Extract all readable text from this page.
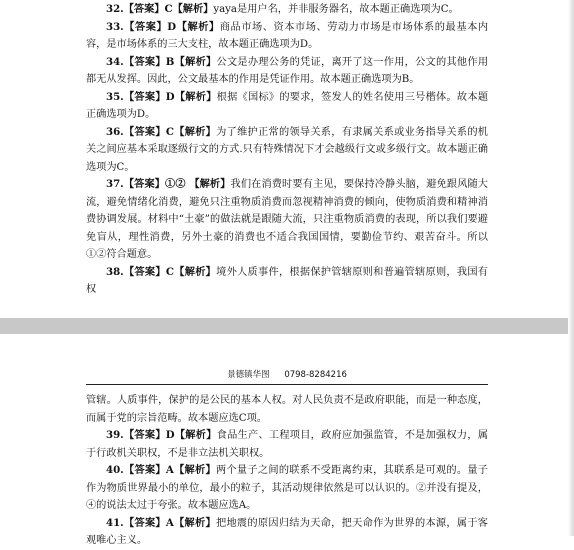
32.【答案】C【解析】yaya是用户名，并非服务器名，故本题正确选项为C。

33.【答案】D【解析】商品市场、资本市场、劳动力市场是市场体系的最基本内容，是市场体系的三大支柱，故本题正确选项为D。

34.【答案】B【解析】公文是办理公务的凭证，离开了这一作用，公文的其他作用都无从发挥。因此，公文最基本的作用是凭证作用。故本题正确选项为B。

35.【答案】D【解析】根据《国标》的要求，签发人的姓名使用三号楷体。故本题正确选项为D。

36.【答案】C【解析】为了维护正常的领导关系，有隶属关系或业务指导关系的机关之间应基本采取逐级行文的方式.只有特殊情况下才会越级行文或多级行文。故本题正确选项为C。

37.【答案】①② 【解析】我们在消费时要有主见，要保持冷静头脑，避免跟风随大流，避免情绪化消费，避免只注重物质消费而忽视精神消费的倾向，使物质消费和精神消费协调发展。材料中“土豪”的做法就是跟随大流，只注重物质消费的表现，所以我们要避免盲从，理性消费，另外土豪的消费也不适合我国国情，要勤俭节约、艰苦奋斗。所以①②符合题意。

38.【答案】C【解析】境外人质事件，根据保护管辖原则和普遍管辖原则，我国有权

景德镇华图 0798-8284216

管辖。人质事件，保护的是公民的基本人权。对人民负责不是政府职能，而是一种态度，而属于党的宗旨范畴。故本题应选C项。

39.【答案】D【解析】食品生产、工程项目，政府应加强监管，不是加强权力，属于行政机关职权，不是非立法机关职权。

40.【答案】A【解析】两个量子之间的联系不受距离约束，其联系是可观的。量子作为物质世界最小的单位，最小的粒子，其活动规律依然是可以认识的。②并没有提及，④的说法太过于夸张。故本题应选A。

41.【答案】A【解析】把地震的原因归结为天命，把天命作为世界的本源，属于客观唯心主义。
